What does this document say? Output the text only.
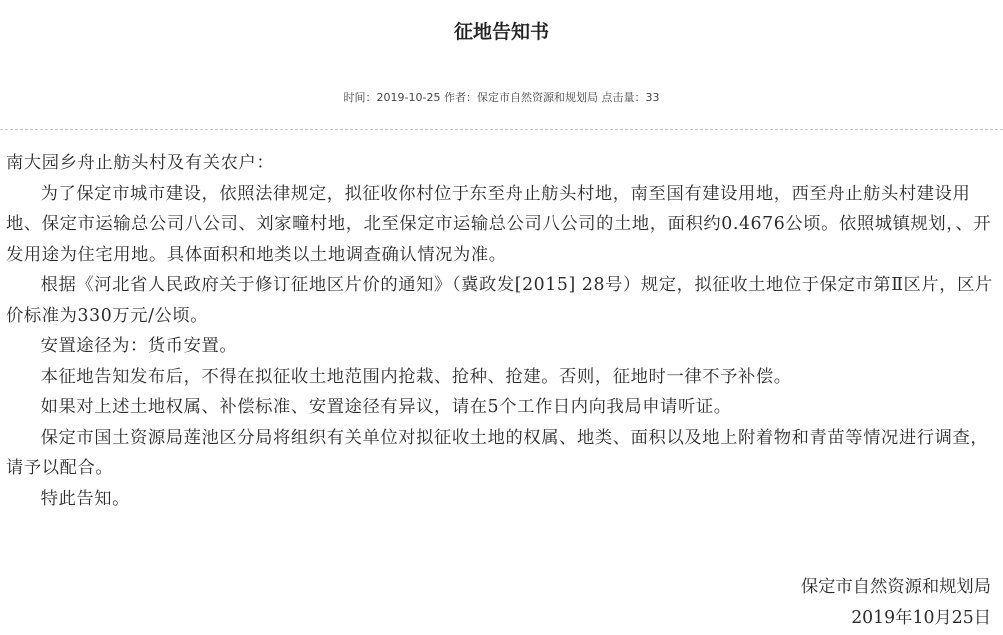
征地告知书
时间：2019-10-25 作者：保定市自然资源和规划局 点击量：33

南大园乡舟止舫头村及有关农户：

为了保定市城市建设，依照法律规定，拟征收你村位于东至舟止舫头村地，南至国有建设用地，西至舟止舫头村建设用地、保定市运输总公司八公司、刘家疃村地，北至保定市运输总公司八公司的土地，面积约0.4676公顷。依照城镇规划，、开发用途为住宅用地。具体面积和地类以土地调查确认情况为准。

根据《河北省人民政府关于修订征地区片价的通知》（冀政发[2015] 28号）规定，拟征收土地位于保定市第Ⅱ区片，区片价标准为330万元/公顷。

安置途径为：货币安置。

本征地告知发布后，不得在拟征收土地范围内抢栽、抢种、抢建。否则，征地时一律不予补偿。

如果对上述土地权属、补偿标准、安置途径有异议，请在5个工作日内向我局申请听证。

保定市国土资源局莲池区分局将组织有关单位对拟征收土地的权属、地类、面积以及地上附着物和青苗等情况进行调查，请予以配合。

特此告知。

保定市自然资源和规划局
2019年10月25日
